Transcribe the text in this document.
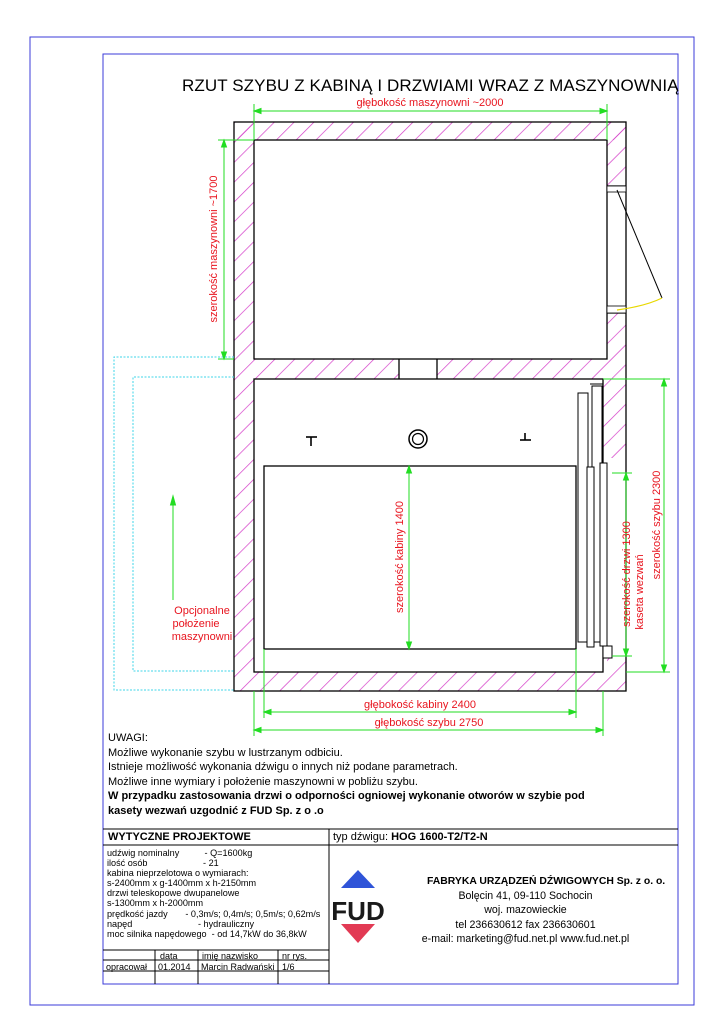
głębokość maszynowni ~2000
szerokość maszynowni ~1700
szerokość kabiny 1400
głębokość kabiny 2400
głębokość szybu 2750
szerokość szybu 2300
szerokość drzwi 1300 kaseta wezwań
Opcjonalne
położenie
maszynowni
FUD
RZUT SZYBU Z KABINĄ I DRZWIAMI WRAZ Z MASZYNOWNIĄ
UWAGI:
Możliwe wykonanie szybu w lustrzanym odbiciu.
Istnieje możliwość wykonania dźwigu o innych niż podane parametrach.
Możliwe inne wymiary i położenie maszynowni w pobliżu szybu.
W przypadku zastosowania drzwi o odporności ogniowej wykonanie otworów w szybie pod
kasety wezwań uzgodnić z FUD Sp. z o .o
WYTYCZNE PROJEKTOWE	typ dźwigu: HOG 1600-T2/T2-N
udźwig nominalny          - Q=1600kg
ilość osób                      - 21
kabina nieprzelotowa o wymiarach:
s-2400mm x g-1400mm x h-2150mm
drzwi teleskopowe dwupanelowe
s-1300mm x h-2000mm
prędkość jazdy       - 0,3m/s; 0,4m/s; 0,5m/s; 0,62m/s
napęd                          - hydrauliczny
moc silnika napędowego  - od 14,7kW do 36,8kW
data	imię nazwisko	nr rys.
opracował 01.2014 Marcin Radwański 1/6
FABRYKA URZĄDZEŃ DŹWIGOWYCH Sp. z o. o.
Bolęcin 41, 09-110 Sochocin
woj. mazowieckie
tel 236630612 fax 236630601
e-mail: marketing@fud.net.pl www.fud.net.pl
